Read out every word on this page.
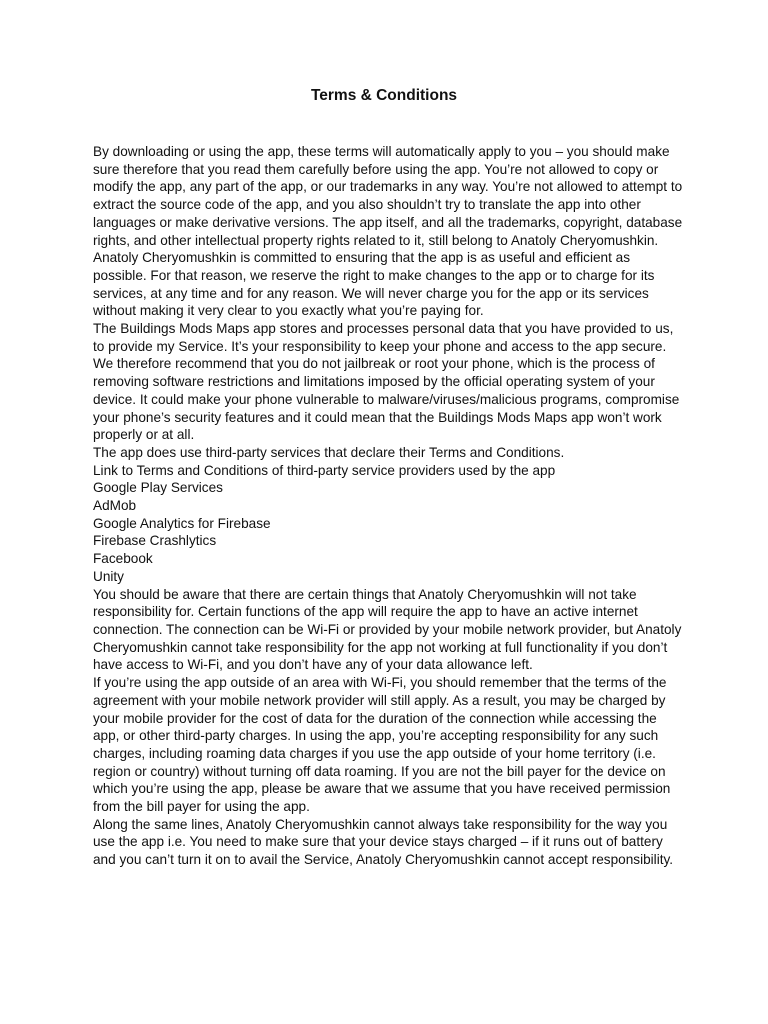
Terms & Conditions

By downloading or using the app, these terms will automatically apply to you – you should make sure therefore that you read them carefully before using the app. You’re not allowed to copy or modify the app, any part of the app, or our trademarks in any way. You’re not allowed to attempt to extract the source code of the app, and you also shouldn’t try to translate the app into other languages or make derivative versions. The app itself, and all the trademarks, copyright, database rights, and other intellectual property rights related to it, still belong to Anatoly Cheryomushkin.

Anatoly Cheryomushkin is committed to ensuring that the app is as useful and efficient as possible. For that reason, we reserve the right to make changes to the app or to charge for its services, at any time and for any reason. We will never charge you for the app or its services without making it very clear to you exactly what you’re paying for.

The Buildings Mods Maps app stores and processes personal data that you have provided to us, to provide my Service. It’s your responsibility to keep your phone and access to the app secure. We therefore recommend that you do not jailbreak or root your phone, which is the process of removing software restrictions and limitations imposed by the official operating system of your device. It could make your phone vulnerable to malware/viruses/malicious programs, compromise your phone’s security features and it could mean that the Buildings Mods Maps app won’t work properly or at all.

The app does use third-party services that declare their Terms and Conditions.

Link to Terms and Conditions of third-party service providers used by the app

Google Play Services

AdMob

Google Analytics for Firebase

Firebase Crashlytics

Facebook

Unity

You should be aware that there are certain things that Anatoly Cheryomushkin will not take responsibility for. Certain functions of the app will require the app to have an active internet connection. The connection can be Wi-Fi or provided by your mobile network provider, but Anatoly Cheryomushkin cannot take responsibility for the app not working at full functionality if you don’t have access to Wi-Fi, and you don’t have any of your data allowance left.

If you’re using the app outside of an area with Wi-Fi, you should remember that the terms of the agreement with your mobile network provider will still apply. As a result, you may be charged by your mobile provider for the cost of data for the duration of the connection while accessing the app, or other third-party charges. In using the app, you’re accepting responsibility for any such charges, including roaming data charges if you use the app outside of your home territory (i.e. region or country) without turning off data roaming. If you are not the bill payer for the device on which you’re using the app, please be aware that we assume that you have received permission from the bill payer for using the app.

Along the same lines, Anatoly Cheryomushkin cannot always take responsibility for the way you use the app i.e. You need to make sure that your device stays charged – if it runs out of battery and you can’t turn it on to avail the Service, Anatoly Cheryomushkin cannot accept responsibility.
